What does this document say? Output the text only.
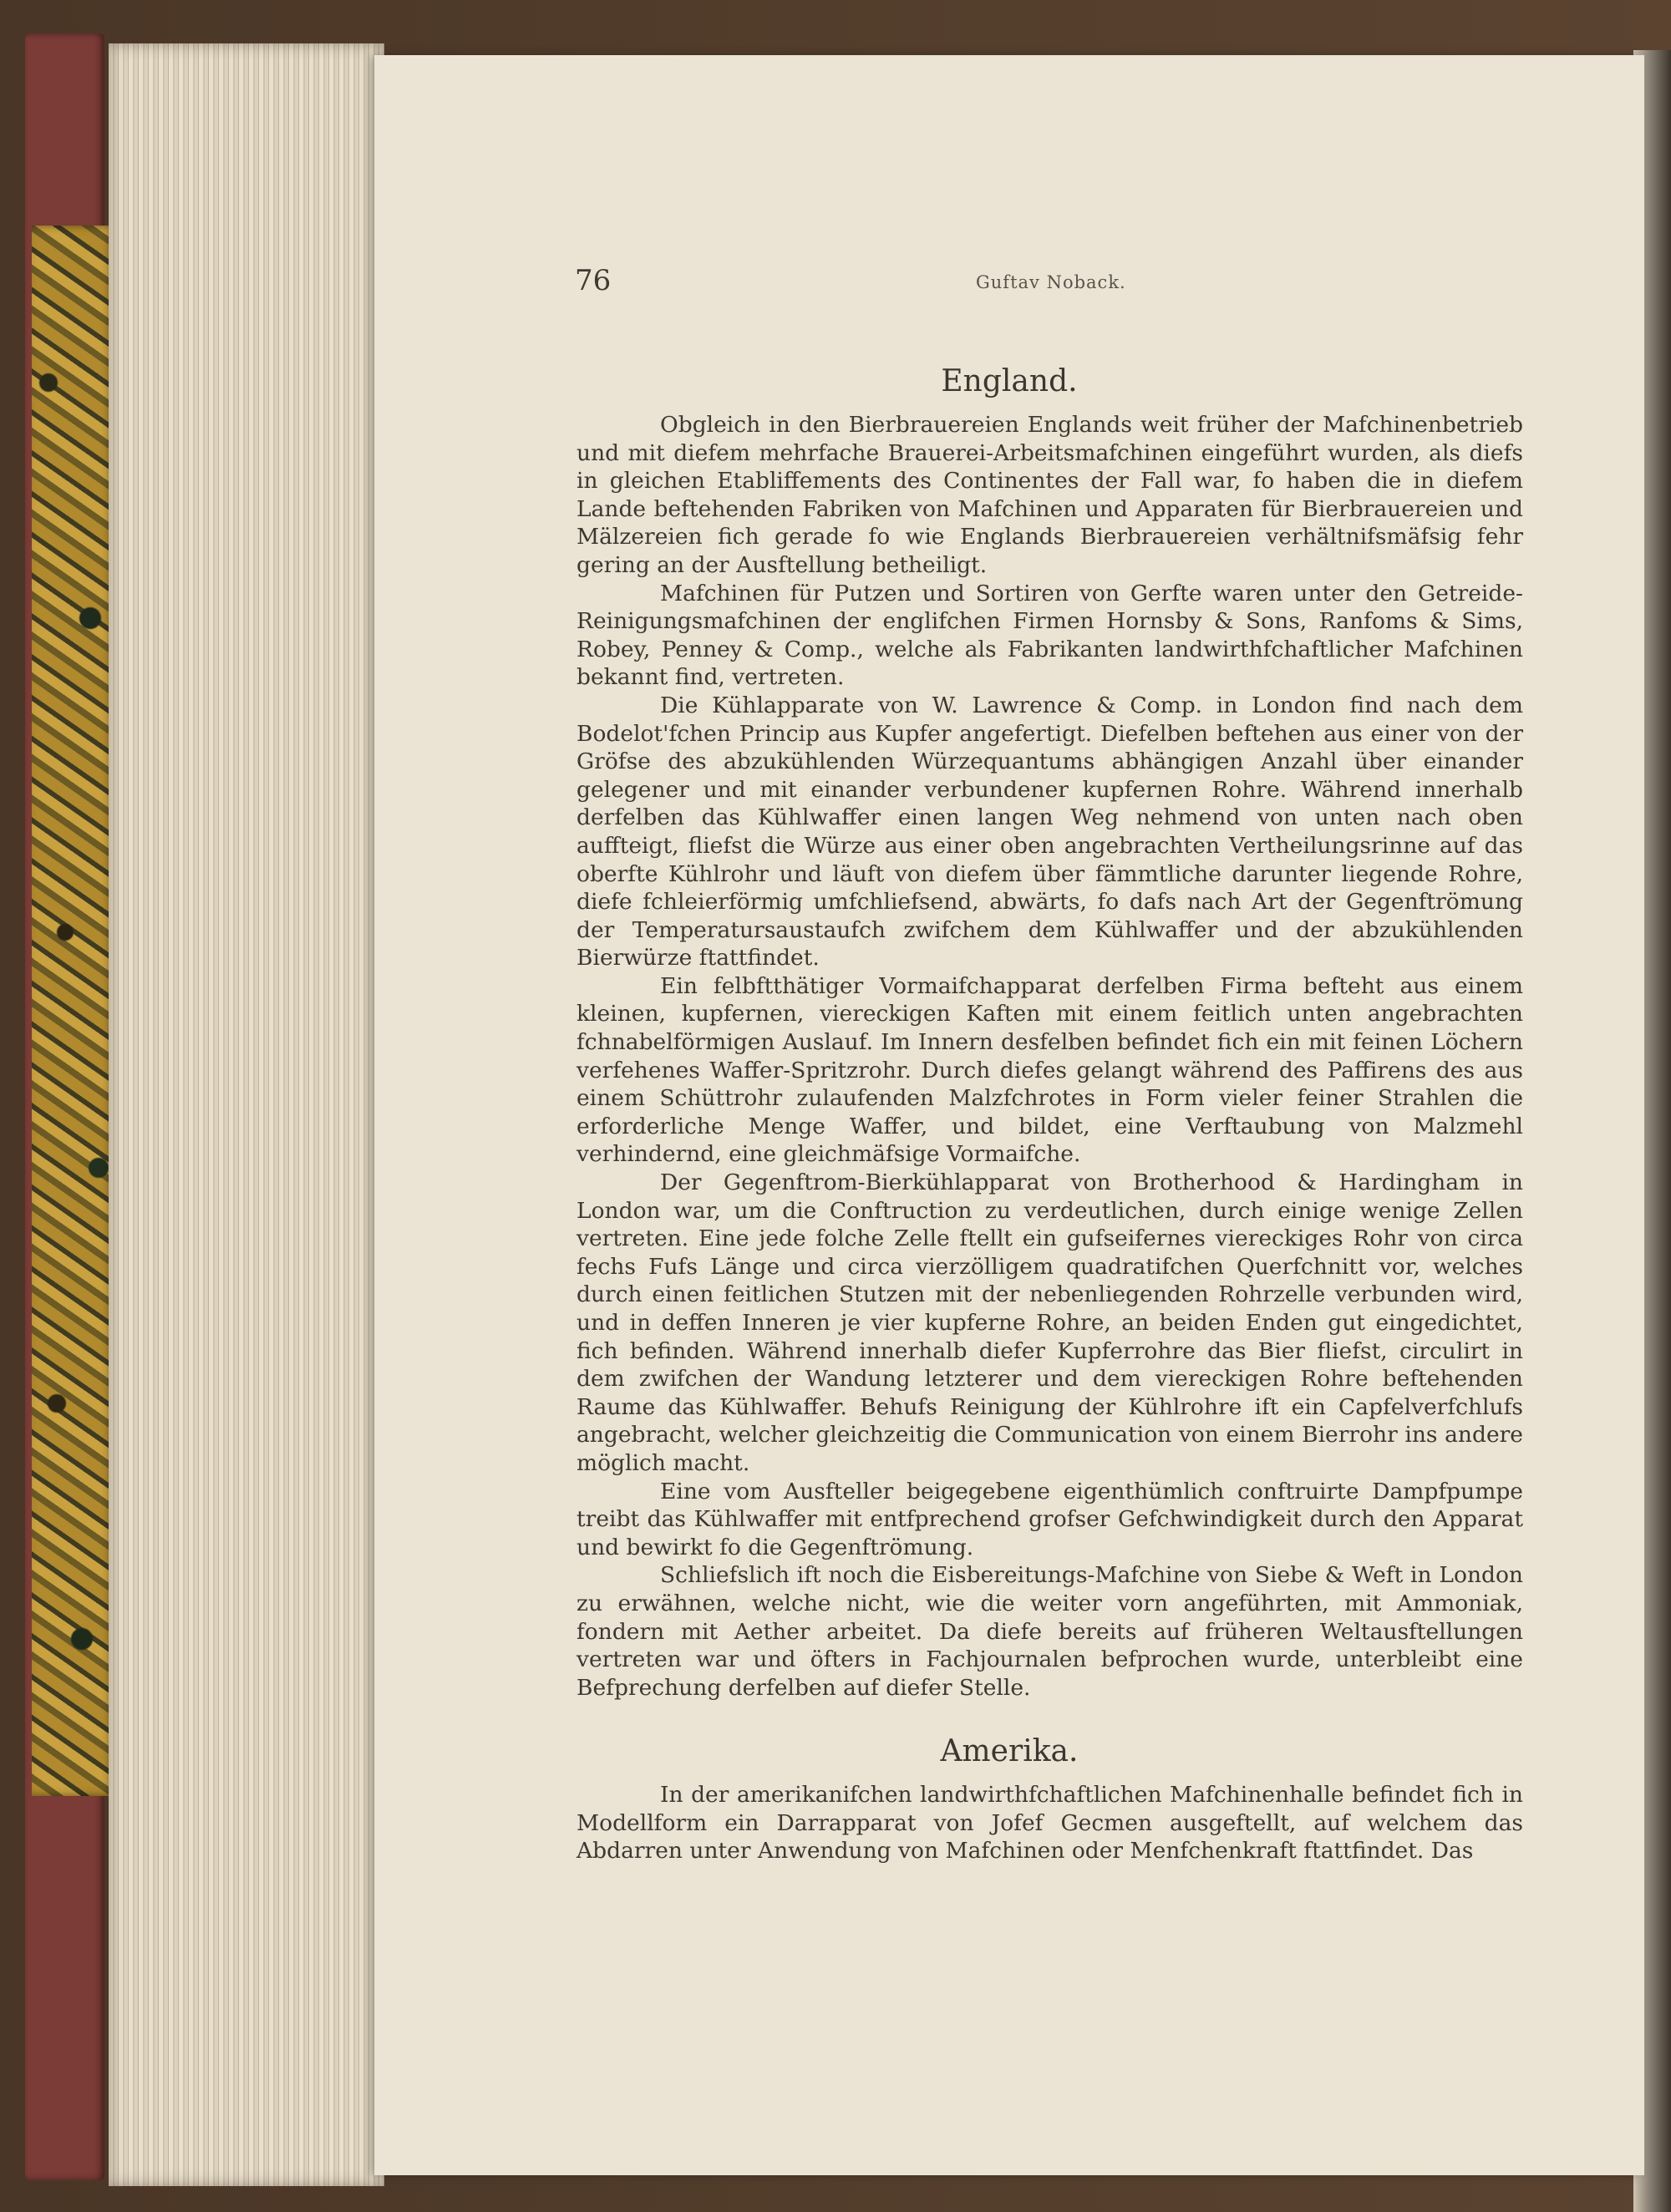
76	Guftav Noback.
England.

Obgleich in den Bierbrauereien Englands weit früher der Mafchinenbetrieb und mit diefem mehrfache Brauerei-Arbeitsmafchinen eingeführt wurden, als diefs in gleichen Etabliffements des Continentes der Fall war, fo haben die in diefem Lande beftehenden Fabriken von Mafchinen und Apparaten für Bierbrauereien und Mälzereien fich gerade fo wie Englands Bierbrauereien verhältnifsmäfsig fehr gering an der Ausftellung betheiligt.

Mafchinen für Putzen und Sortiren von Gerfte waren unter den Getreide-Reinigungsmafchinen der englifchen Firmen Hornsby & Sons, Ranfoms & Sims, Robey, Penney & Comp., welche als Fabrikanten landwirthfchaftlicher Mafchinen bekannt find, vertreten.

Die Kühlapparate von W. Lawrence & Comp. in London find nach dem Bodelot'fchen Princip aus Kupfer angefertigt. Diefelben beftehen aus einer von der Gröfse des abzukühlenden Würzequantums abhängigen Anzahl über einander gelegener und mit einander verbundener kupfernen Rohre. Während innerhalb derfelben das Kühlwaffer einen langen Weg nehmend von unten nach oben auffteigt, fliefst die Würze aus einer oben angebrachten Vertheilungsrinne auf das oberfte Kühlrohr und läuft von diefem über fämmtliche darunter liegende Rohre, diefe fchleierförmig umfchliefsend, abwärts, fo dafs nach Art der Gegenftrömung der Temperatursaustaufch zwifchem dem Kühlwaffer und der abzukühlenden Bierwürze ftattfindet.

Ein felbftthätiger Vormaifchapparat derfelben Firma befteht aus einem kleinen, kupfernen, viereckigen Kaften mit einem feitlich unten angebrachten fchnabelförmigen Auslauf. Im Innern desfelben befindet fich ein mit feinen Löchern verfehenes Waffer-Spritzrohr. Durch diefes gelangt während des Paffirens des aus einem Schüttrohr zulaufenden Malzfchrotes in Form vieler feiner Strahlen die erforderliche Menge Waffer, und bildet, eine Verftaubung von Malzmehl verhindernd, eine gleichmäfsige Vormaifche.

Der Gegenftrom-Bierkühlapparat von Brotherhood & Hardingham in London war, um die Conftruction zu verdeutlichen, durch einige wenige Zellen vertreten. Eine jede folche Zelle ftellt ein gufseifernes viereckiges Rohr von circa fechs Fufs Länge und circa vierzölligem quadratifchen Querfchnitt vor, welches durch einen feitlichen Stutzen mit der nebenliegenden Rohrzelle verbunden wird, und in deffen Inneren je vier kupferne Rohre, an beiden Enden gut eingedichtet, fich befinden. Während innerhalb diefer Kupferrohre das Bier fliefst, circulirt in dem zwifchen der Wandung letzterer und dem viereckigen Rohre beftehenden Raume das Kühlwaffer. Behufs Reinigung der Kühlrohre ift ein Capfelverfchlufs angebracht, welcher gleichzeitig die Communication von einem Bierrohr ins andere möglich macht.

Eine vom Ausfteller beigegebene eigenthümlich conftruirte Dampfpumpe treibt das Kühlwaffer mit entfprechend grofser Gefchwindigkeit durch den Apparat und bewirkt fo die Gegenftrömung.

Schliefslich ift noch die Eisbereitungs-Mafchine von Siebe & Weft in London zu erwähnen, welche nicht, wie die weiter vorn angeführten, mit Ammoniak, fondern mit Aether arbeitet. Da diefe bereits auf früheren Weltausftellungen vertreten war und öfters in Fachjournalen befprochen wurde, unterbleibt eine Befprechung derfelben auf diefer Stelle.

Amerika.

In der amerikanifchen landwirthfchaftlichen Mafchinenhalle befindet fich in Modellform ein Darrapparat von Jofef Gecmen ausgeftellt, auf welchem das Abdarren unter Anwendung von Mafchinen oder Menfchenkraft ftattfindet. Das
